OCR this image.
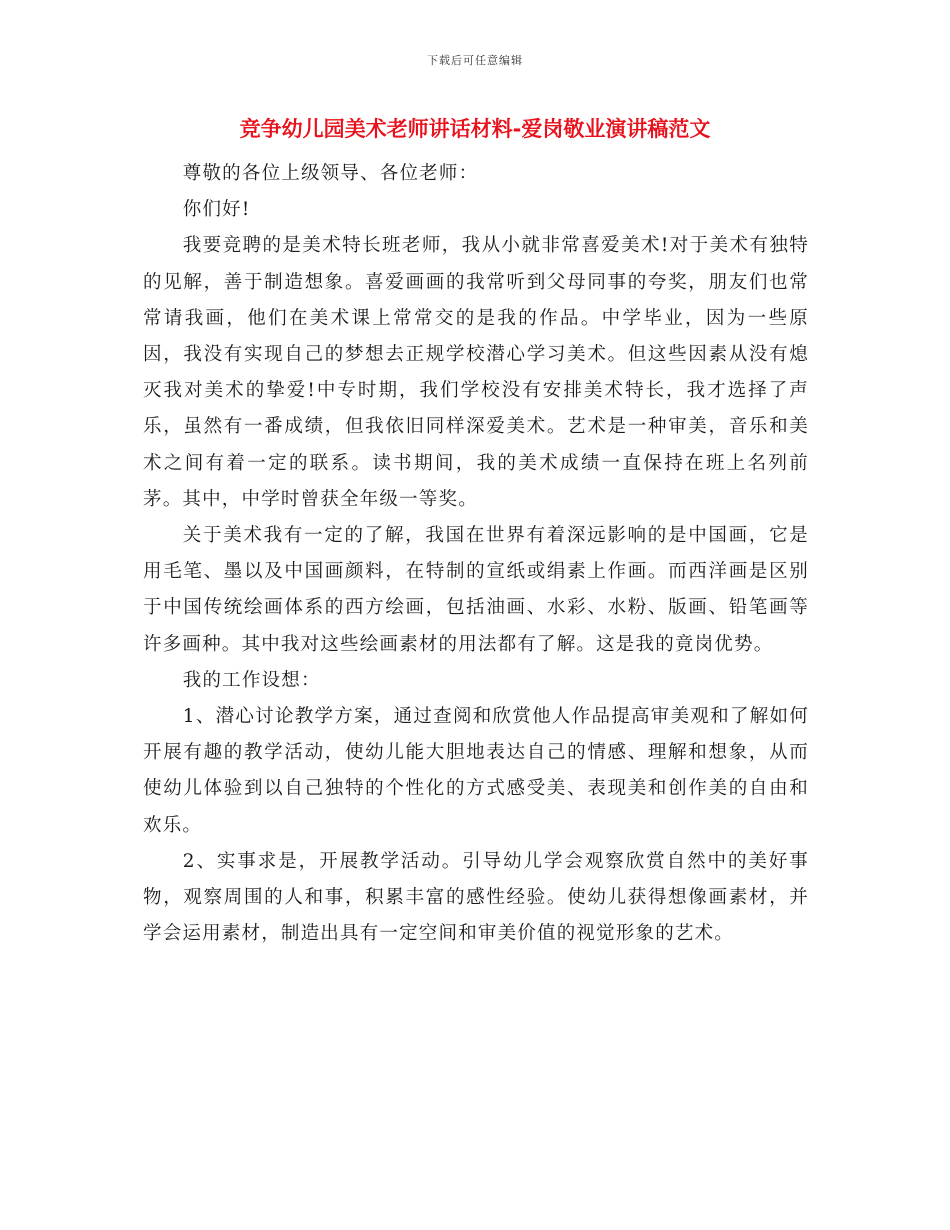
下载后可任意编辑
竞争幼儿园美术老师讲话材料-爱岗敬业演讲稿范文

尊敬的各位上级领导、各位老师：

你们好!

我要竞聘的是美术特长班老师，我从小就非常喜爱美术!对于美术有独特的见解，善于制造想象。喜爱画画的我常听到父母同事的夸奖，朋友们也常常请我画，他们在美术课上常常交的是我的作品。中学毕业，因为一些原因，我没有实现自己的梦想去正规学校潜心学习美术。但这些因素从没有熄灭我对美术的挚爱!中专时期，我们学校没有安排美术特长，我才选择了声乐，虽然有一番成绩，但我依旧同样深爱美术。艺术是一种审美，音乐和美术之间有着一定的联系。读书期间，我的美术成绩一直保持在班上名列前茅。其中，中学时曾获全年级一等奖。

关于美术我有一定的了解，我国在世界有着深远影响的是中国画，它是用毛笔、墨以及中国画颜料，在特制的宣纸或绢素上作画。而西洋画是区别于中国传统绘画体系的西方绘画，包括油画、水彩、水粉、版画、铅笔画等许多画种。其中我对这些绘画素材的用法都有了解。这是我的竟岗优势。

我的工作设想：

1、潜心讨论教学方案，通过查阅和欣赏他人作品提高审美观和了解如何开展有趣的教学活动，使幼儿能大胆地表达自己的情感、理解和想象，从而使幼儿体验到以自己独特的个性化的方式感受美、表现美和创作美的自由和欢乐。

2、实事求是，开展教学活动。引导幼儿学会观察欣赏自然中的美好事物，观察周围的人和事，积累丰富的感性经验。使幼儿获得想像画素材，并学会运用素材，制造出具有一定空间和审美价值的视觉形象的艺术。
